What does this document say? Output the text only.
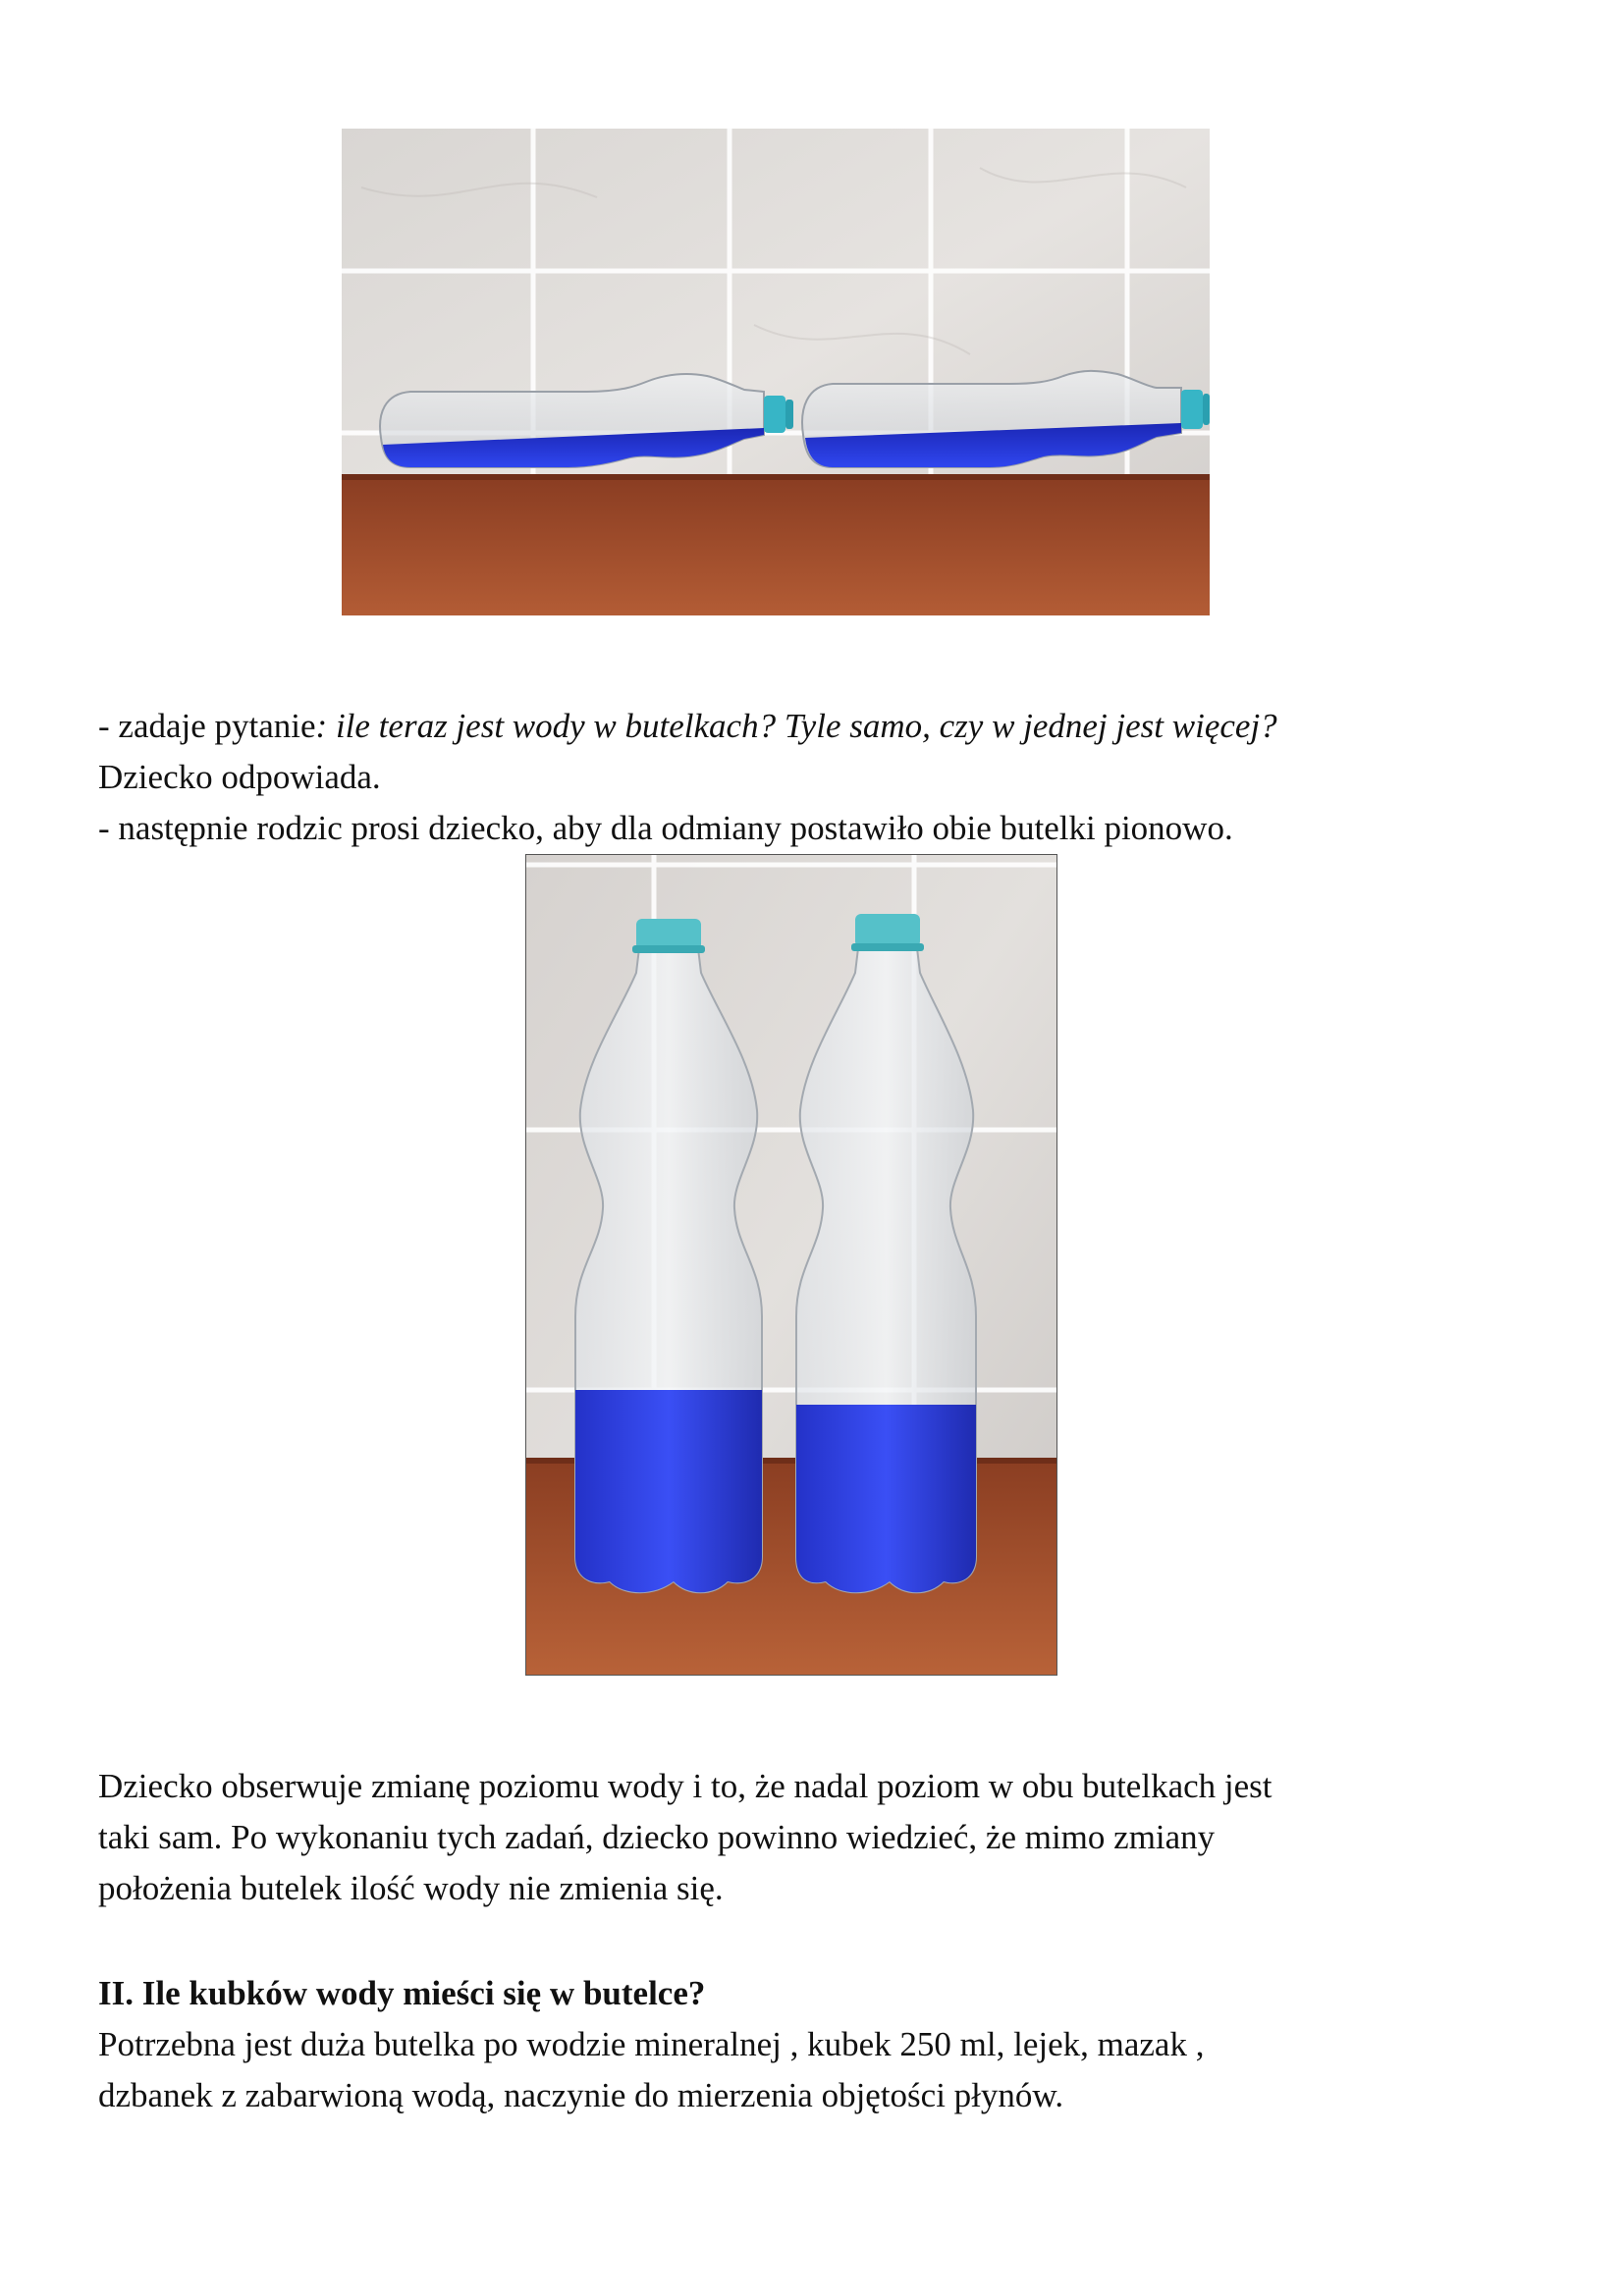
- zadaje pytanie: ile teraz jest wody w butelkach? Tyle samo, czy w jednej jest więcej?
Dziecko odpowiada.
- następnie rodzic prosi dziecko, aby dla odmiany postawiło obie butelki pionowo.
Dziecko obserwuje zmianę poziomu wody i to, że nadal poziom w obu butelkach jest
taki sam. Po wykonaniu tych zadań, dziecko powinno wiedzieć, że mimo zmiany
położenia butelek ilość wody nie zmienia się.
II. Ile kubków wody mieści się w butelce?
Potrzebna jest duża butelka po wodzie mineralnej , kubek 250 ml, lejek, mazak ,
dzbanek z zabarwioną wodą, naczynie do mierzenia objętości płynów.
